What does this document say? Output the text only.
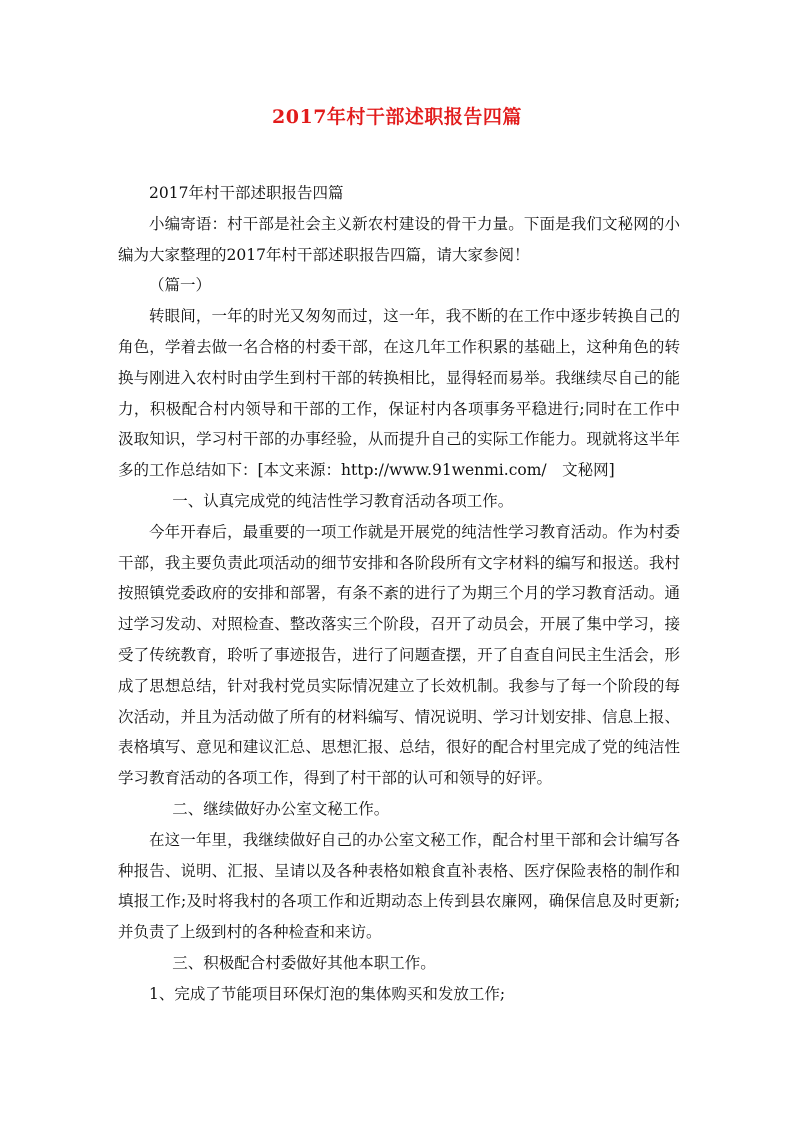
2017年村干部述职报告四篇

2017年村干部述职报告四篇

小编寄语：村干部是社会主义新农村建设的骨干力量。下面是我们文秘网的小编为大家整理的2017年村干部述职报告四篇，请大家参阅！

（篇一）

转眼间，一年的时光又匆匆而过，这一年，我不断的在工作中逐步转换自己的角色，学着去做一名合格的村委干部，在这几年工作积累的基础上，这种角色的转换与刚进入农村时由学生到村干部的转换相比，显得轻而易举。我继续尽自己的能力，积极配合村内领导和干部的工作，保证村内各项事务平稳进行;同时在工作中汲取知识，学习村干部的办事经验，从而提升自己的实际工作能力。现就将这半年多的工作总结如下：[本文来源：http://www.91wenmi.com/　文秘网]

一、认真完成党的纯洁性学习教育活动各项工作。

今年开春后，最重要的一项工作就是开展党的纯洁性学习教育活动。作为村委干部，我主要负责此项活动的细节安排和各阶段所有文字材料的编写和报送。我村按照镇党委政府的安排和部署，有条不紊的进行了为期三个月的学习教育活动。通过学习发动、对照检查、整改落实三个阶段，召开了动员会，开展了集中学习，接受了传统教育，聆听了事迹报告，进行了问题查摆，开了自查自问民主生活会，形成了思想总结，针对我村党员实际情况建立了长效机制。我参与了每一个阶段的每次活动，并且为活动做了所有的材料编写、情况说明、学习计划安排、信息上报、表格填写、意见和建议汇总、思想汇报、总结，很好的配合村里完成了党的纯洁性学习教育活动的各项工作，得到了村干部的认可和领导的好评。

二、继续做好办公室文秘工作。

在这一年里，我继续做好自己的办公室文秘工作，配合村里干部和会计编写各种报告、说明、汇报、呈请以及各种表格如粮食直补表格、医疗保险表格的制作和填报工作;及时将我村的各项工作和近期动态上传到县农廉网，确保信息及时更新;并负责了上级到村的各种检查和来访。

三、积极配合村委做好其他本职工作。

1、完成了节能项目环保灯泡的集体购买和发放工作;
